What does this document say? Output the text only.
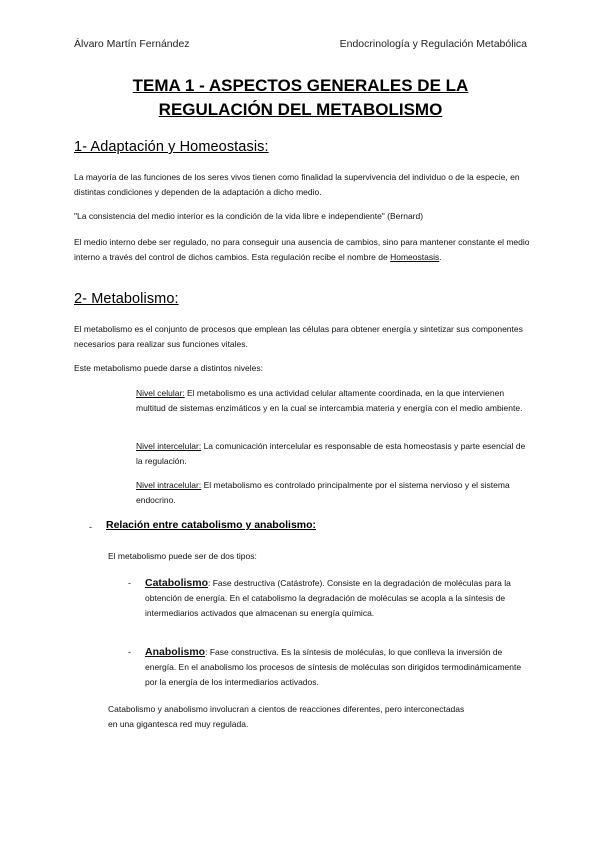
Álvaro Martín Fernández	Endocrinología y Regulación Metabólica
TEMA 1 - ASPECTOS GENERALES DE LA
REGULACIÓN DEL METABOLISMO
1- Adaptación y Homeostasis:
La mayoría de las funciones de los seres vivos tienen como finalidad la supervivencia del individuo o de la especie, en distintas condiciones y dependen de la adaptación a dicho medio.
"La consistencia del medio interior es la condición de la vida libre e independiente" (Bernard)
El medio interno debe ser regulado, no para conseguir una ausencia de cambios, sino para mantener constante el medio interno a través del control de dichos cambios. Esta regulación recibe el nombre de Homeostasis.
2- Metabolismo:
El metabolismo es el conjunto de procesos que emplean las células para obtener energía y sintetizar sus componentes necesarios para realizar sus funciones vitales.
Este metabolismo puede darse a distintos niveles:
Nivel celular: El metabolismo es una actividad celular altamente coordinada, en la que intervienen multitud de sistemas enzimáticos y en la cual se intercambia materia y energía con el medio ambiente.
Nivel intercelular: La comunicación intercelular es responsable de esta homeostasis y parte esencial de la regulación.
Nivel intracelular: El metabolismo es controlado principalmente por el sistema nervioso y el sistema endocrino.
- Relación entre catabolismo y anabolismo:
El metabolismo puede ser de dos tipos:
- Catabolismo: Fase destructiva (Catástrofe). Consiste en la degradación de moléculas para la obtención de energía. En el catabolismo la degradación de moléculas se acopla a la síntesis de intermediarios activados que almacenan su energía química.
- Anabolismo: Fase constructiva. Es la síntesis de moléculas, lo que conlleva la inversión de energía. En el anabolismo los procesos de síntesis de moléculas son dirigidos termodinámicamente por la energía de los intermediarios activados.
Catabolismo y anabolismo involucran a cientos de reacciones diferentes, pero interconectadas en una gigantesca red muy regulada.
